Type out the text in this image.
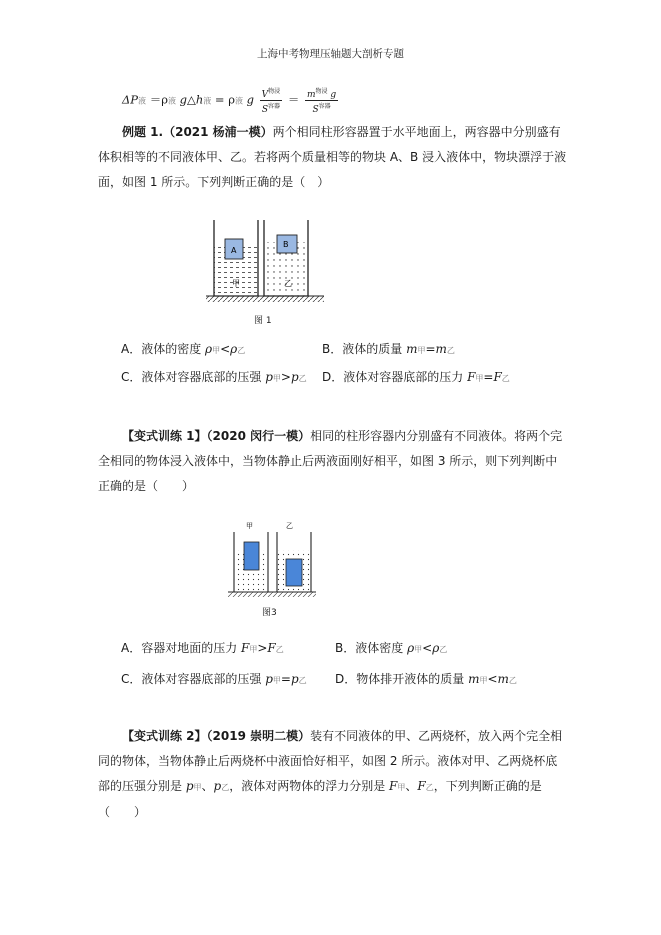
上海中考物理压轴题大剖析专题
ΔP液 ＝ρ液 g△h液 = ρ液 g $\frac{V^{物浸}}{S^{容器}} = \frac{m^{物浸} g}{S^{容器}}$
例题 1.（2021 杨浦一模）两个相同柱形容器置于水平地面上，两容器中分别盛有体积相等的不同液体甲、乙。若将两个质量相等的物块 A、B 浸入液体中，物块漂浮于液面，如图 1 所示。下列判断正确的是（　）
A
甲
B
乙
图 1
A．液体的密度 ρ甲<ρ乙	B．液体的质量 m甲=m乙
C．液体对容器底部的压强 p甲>p乙 D．液体对容器底部的压力 F甲=F乙
【变式训练 1】（2020 闵行一模）相同的柱形容器内分别盛有不同液体。将两个完全相同的物体浸入液体中，当物体静止后两液面刚好相平，如图 3 所示，则下列判断中正确的是（　　）
甲	乙
图3
A．容器对地面的压力 F甲>F乙	B．液体密度 ρ甲<ρ乙
C．液体对容器底部的压强 p甲=p乙 D．物体排开液体的质量 m甲<m乙
【变式训练 2】（2019 崇明二模）装有不同液体的甲、乙两烧杯，放入两个完全相同的物体，当物体静止后两烧杯中液面恰好相平，如图 2 所示。液体对甲、乙两烧杯底部的压强分别是 p甲、p乙，液体对两物体的浮力分别是 F甲、F乙，下列判断正确的是（　　）
